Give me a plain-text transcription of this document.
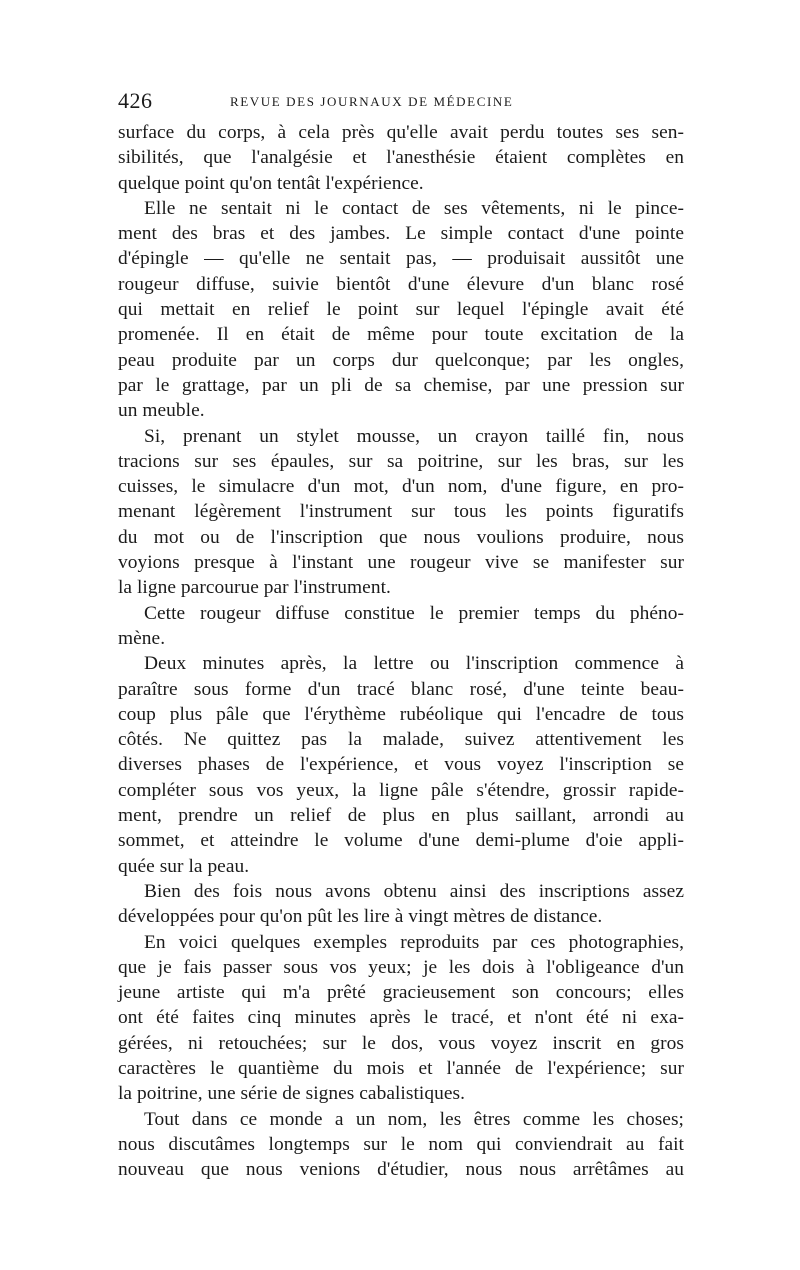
426	REVUE DES JOURNAUX DE MÉDECINE
surface du corps, à cela près qu'elle avait perdu toutes ses sen-
sibilités, que l'analgésie et l'anesthésie étaient complètes en
quelque point qu'on tentât l'expérience.
Elle ne sentait ni le contact de ses vêtements, ni le pince-
ment des bras et des jambes. Le simple contact d'une pointe
d'épingle — qu'elle ne sentait pas, — produisait aussitôt une
rougeur diffuse, suivie bientôt d'une élevure d'un blanc rosé
qui mettait en relief le point sur lequel l'épingle avait été
promenée. Il en était de même pour toute excitation de la
peau produite par un corps dur quelconque; par les ongles,
par le grattage, par un pli de sa chemise, par une pression sur
un meuble.
Si, prenant un stylet mousse, un crayon taillé fin, nous
tracions sur ses épaules, sur sa poitrine, sur les bras, sur les
cuisses, le simulacre d'un mot, d'un nom, d'une figure, en pro-
menant légèrement l'instrument sur tous les points figuratifs
du mot ou de l'inscription que nous voulions produire, nous
voyions presque à l'instant une rougeur vive se manifester sur
la ligne parcourue par l'instrument.
Cette rougeur diffuse constitue le premier temps du phéno-
mène.
Deux minutes après, la lettre ou l'inscription commence à
paraître sous forme d'un tracé blanc rosé, d'une teinte beau-
coup plus pâle que l'érythème rubéolique qui l'encadre de tous
côtés. Ne quittez pas la malade, suivez attentivement les
diverses phases de l'expérience, et vous voyez l'inscription se
compléter sous vos yeux, la ligne pâle s'étendre, grossir rapide-
ment, prendre un relief de plus en plus saillant, arrondi au
sommet, et atteindre le volume d'une demi-plume d'oie appli-
quée sur la peau.
Bien des fois nous avons obtenu ainsi des inscriptions assez
développées pour qu'on pût les lire à vingt mètres de distance.
En voici quelques exemples reproduits par ces photographies,
que je fais passer sous vos yeux; je les dois à l'obligeance d'un
jeune artiste qui m'a prêté gracieusement son concours; elles
ont été faites cinq minutes après le tracé, et n'ont été ni exa-
gérées, ni retouchées; sur le dos, vous voyez inscrit en gros
caractères le quantième du mois et l'année de l'expérience; sur
la poitrine, une série de signes cabalistiques.
Tout dans ce monde a un nom, les êtres comme les choses;
nous discutâmes longtemps sur le nom qui conviendrait au fait
nouveau que nous venions d'étudier, nous nous arrêtâmes au
